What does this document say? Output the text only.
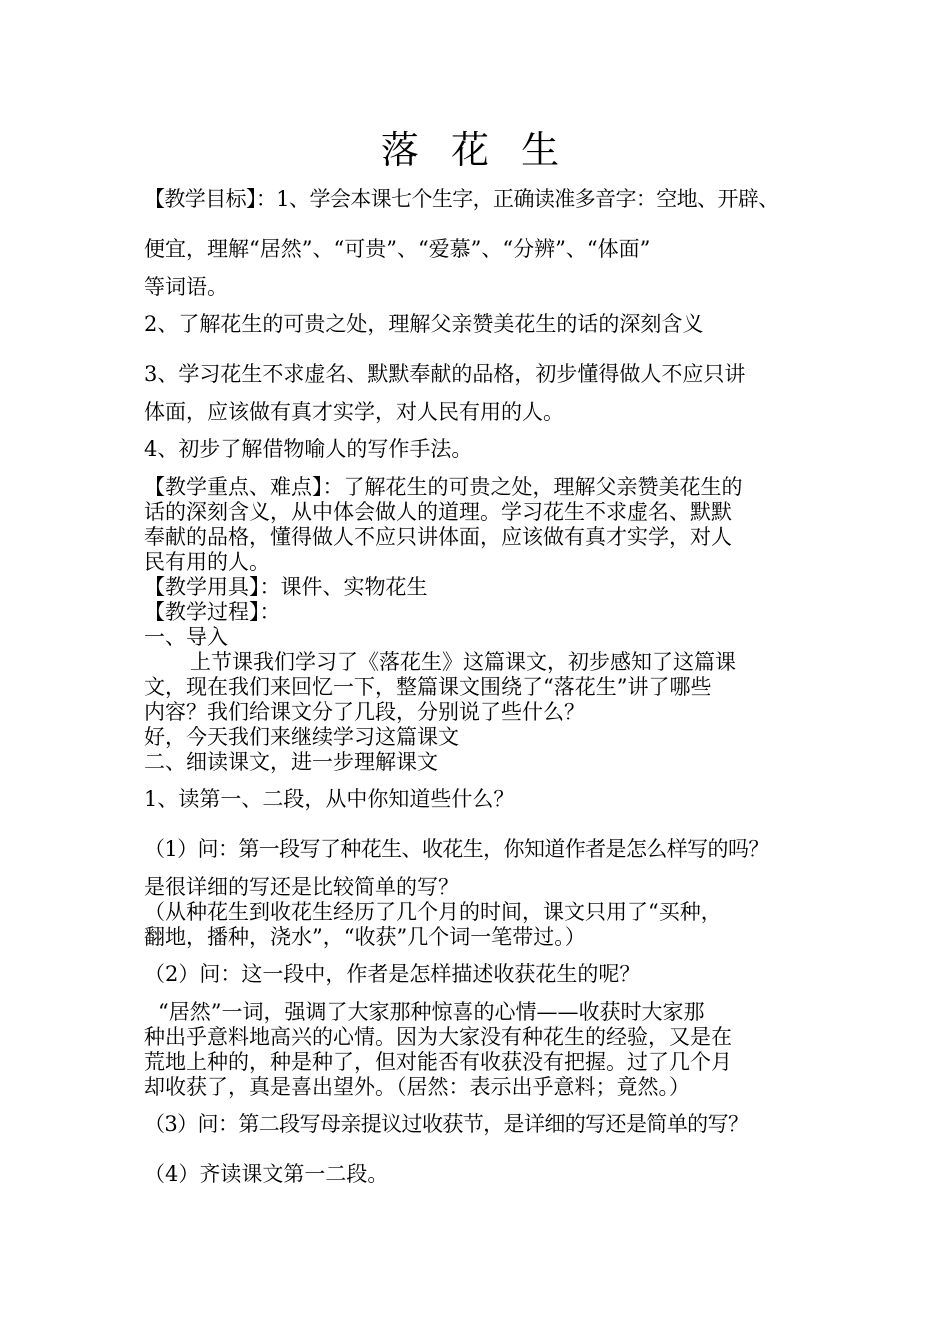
落 花 生
【教学目标】：1、学会本课七个生字，正确读准多音字：空地、开辟、
便宜，理解“居然”、“可贵”、“爱慕”、“分辨”、“体面”
等词语。
2、了解花生的可贵之处，理解父亲赞美花生的话的深刻含义
3、学习花生不求虚名、默默奉献的品格，初步懂得做人不应只讲
体面，应该做有真才实学，对人民有用的人。
4、初步了解借物喻人的写作手法。
【教学重点、难点】：了解花生的可贵之处，理解父亲赞美花生的
话的深刻含义，从中体会做人的道理。学习花生不求虚名、默默
奉献的品格，懂得做人不应只讲体面，应该做有真才实学，对人
民有用的人。
【教学用具】：课件、实物花生
【教学过程】：
一、导入
上节课我们学习了《落花生》这篇课文，初步感知了这篇课
文，现在我们来回忆一下，整篇课文围绕了“落花生”讲了哪些
内容？我们给课文分了几段，分别说了些什么？
好，今天我们来继续学习这篇课文
二、细读课文，进一步理解课文
1、读第一、二段，从中你知道些什么？
（1）问：第一段写了种花生、收花生，你知道作者是怎么样写的吗？
是很详细的写还是比较简单的写？
（从种花生到收花生经历了几个月的时间，课文只用了“买种，
翻地，播种，浇水”，“收获”几个词一笔带过。）
（2）问：这一段中，作者是怎样描述收获花生的呢？
“居然”一词，强调了大家那种惊喜的心情——收获时大家那
种出乎意料地高兴的心情。因为大家没有种花生的经验，又是在
荒地上种的，种是种了，但对能否有收获没有把握。过了几个月
却收获了，真是喜出望外。（居然：表示出乎意料；竟然。）
（3）问：第二段写母亲提议过收获节，是详细的写还是简单的写？
（4）齐读课文第一二段。
